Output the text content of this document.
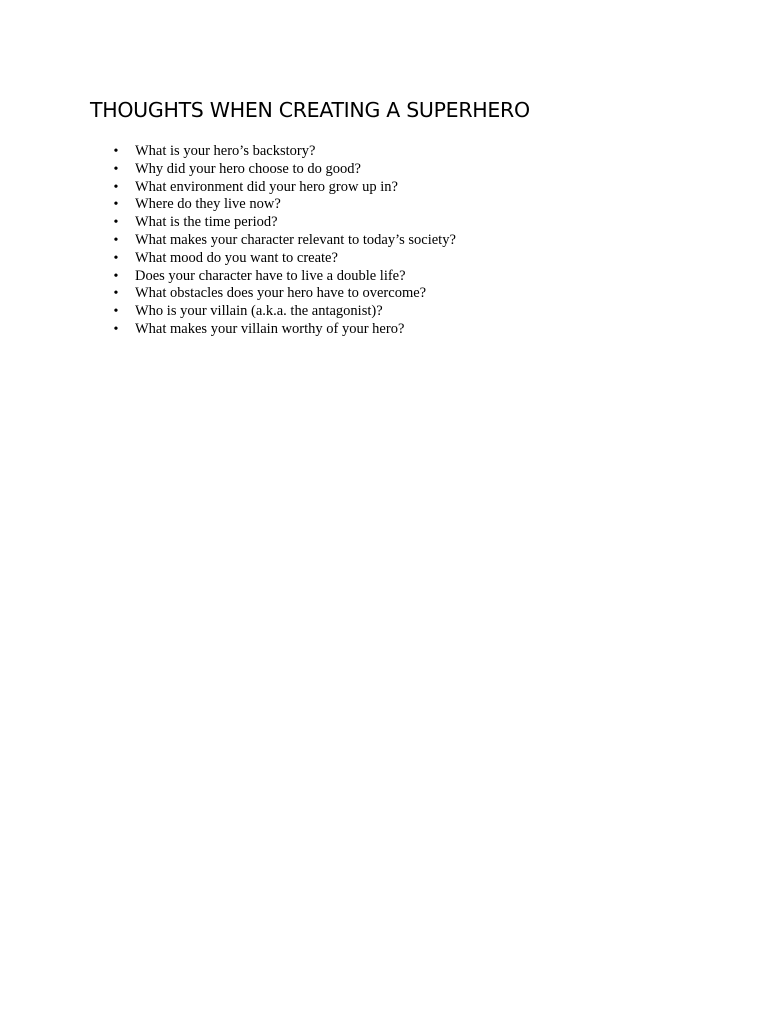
THOUGHTS WHEN CREATING A SUPERHERO
• What is your hero’s backstory?
• Why did your hero choose to do good?
• What environment did your hero grow up in?
• Where do they live now?
• What is the time period?
• What makes your character relevant to today’s society?
• What mood do you want to create?
• Does your character have to live a double life?
• What obstacles does your hero have to overcome?
• Who is your villain (a.k.a. the antagonist)?
• What makes your villain worthy of your hero?
